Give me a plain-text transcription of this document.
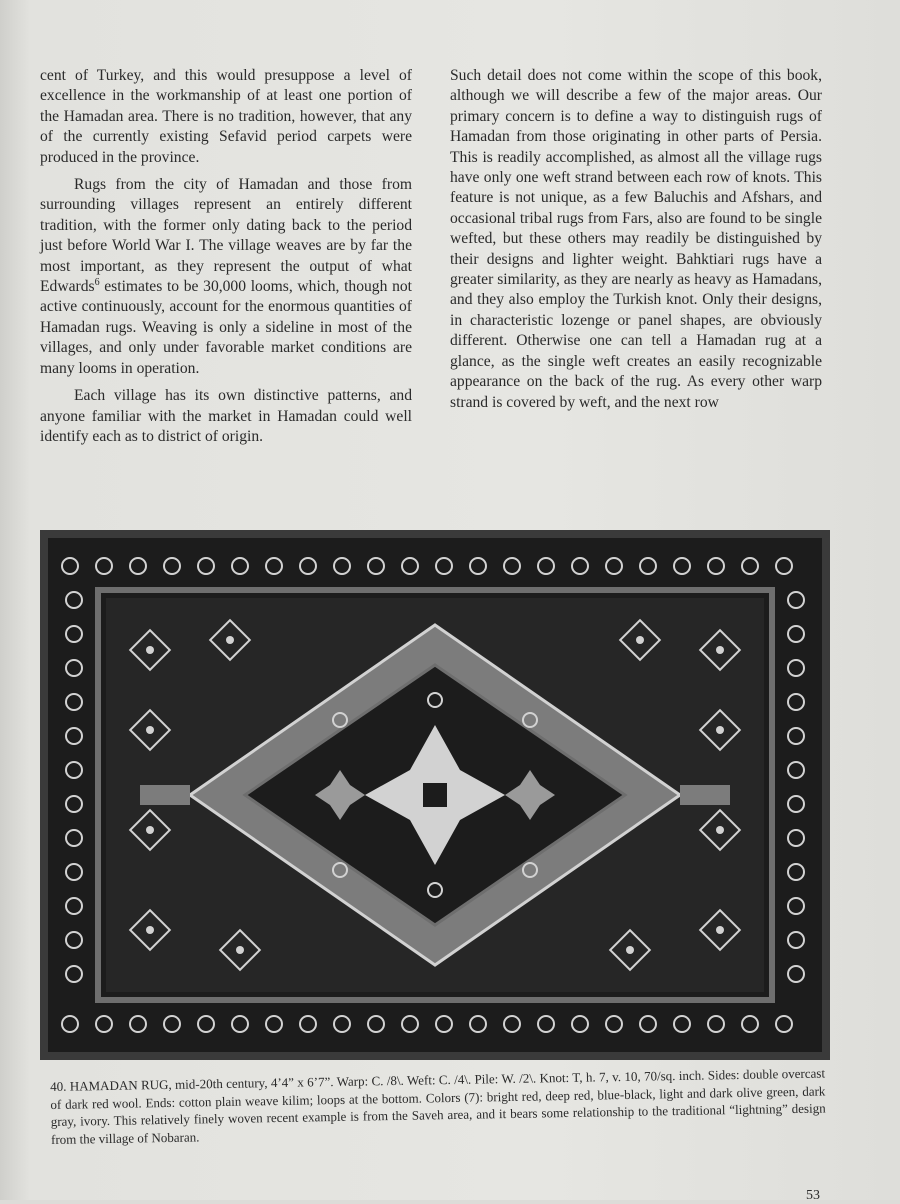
cent of Turkey, and this would presuppose a level of excellence in the workmanship of at least one portion of the Hamadan area. There is no tradition, however, that any of the currently existing Sefavid period carpets were produced in the province.

Rugs from the city of Hamadan and those from surrounding villages represent an entirely different tradition, with the former only dating back to the period just before World War I. The village weaves are by far the most important, as they represent the output of what Edwards$^6$ estimates to be 30,000 looms, which, though not active continuously, account for the enormous quantities of Hamadan rugs. Weaving is only a sideline in most of the villages, and only under favorable market conditions are many looms in operation.

Each village has its own distinctive patterns, and anyone familiar with the market in Hamadan could well identify each as to district of origin.

Such detail does not come within the scope of this book, although we will describe a few of the major areas. Our primary concern is to define a way to distinguish rugs of Hamadan from those originating in other parts of Persia. This is readily accomplished, as almost all the village rugs have only one weft strand between each row of knots. This feature is not unique, as a few Baluchis and Afshars, and occasional tribal rugs from Fars, also are found to be single wefted, but these others may readily be distinguished by their designs and lighter weight. Bahktiari rugs have a greater similarity, as they are nearly as heavy as Hamadans, and they also employ the Turkish knot. Only their designs, in characteristic lozenge or panel shapes, are obviously different. Otherwise one can tell a Hamadan rug at a glance, as the single weft creates an easily recognizable appearance on the back of the rug. As every other warp strand is covered by weft, and the next row

40. HAMADAN RUG, mid-20th century, 4’4” x 6’7”. Warp: C. /8\. Weft: C. /4\. Pile: W. /2\. Knot: T, h. 7, v. 10, 70/sq. inch. Sides: double overcast of dark red wool. Ends: cotton plain weave kilim; loops at the bottom. Colors (7): bright red, deep red, blue-black, light and dark olive green, dark gray, ivory. This relatively finely woven recent example is from the Saveh area, and it bears some relationship to the traditional “lightning” design from the village of Nobaran.

53
